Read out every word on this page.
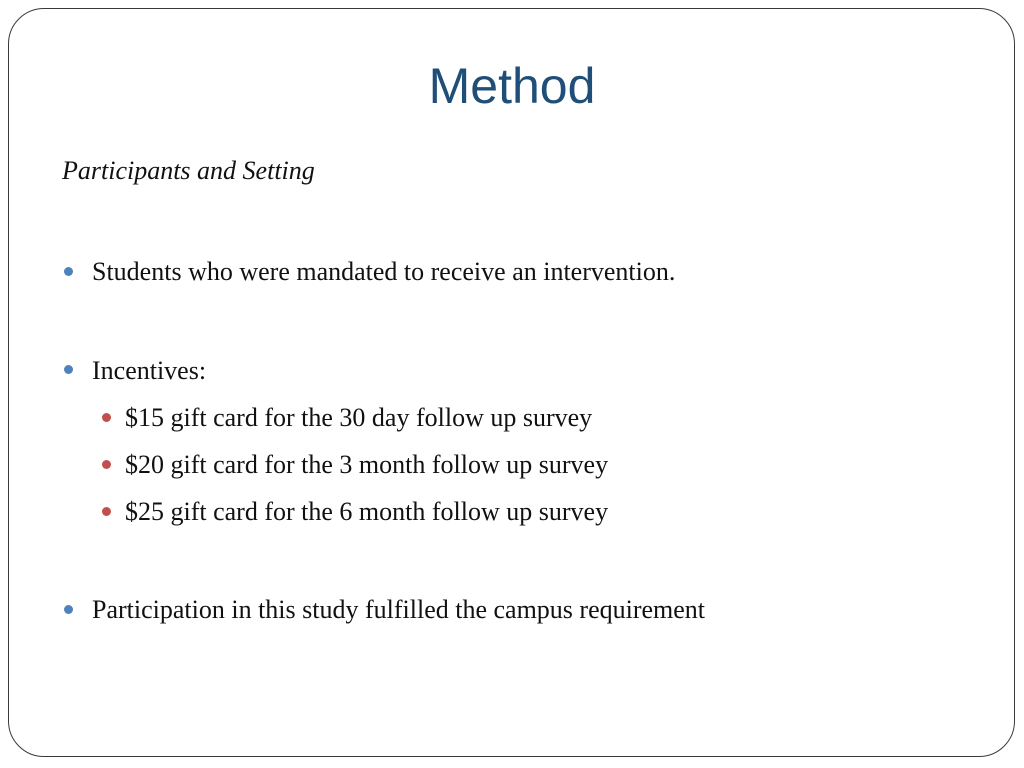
Method
Participants and Setting
Students who were mandated to receive an intervention.
Incentives:
$15 gift card for the 30 day follow up survey
$20 gift card for the 3 month follow up survey
$25 gift card for the 6 month follow up survey
Participation in this study fulfilled the campus requirement
